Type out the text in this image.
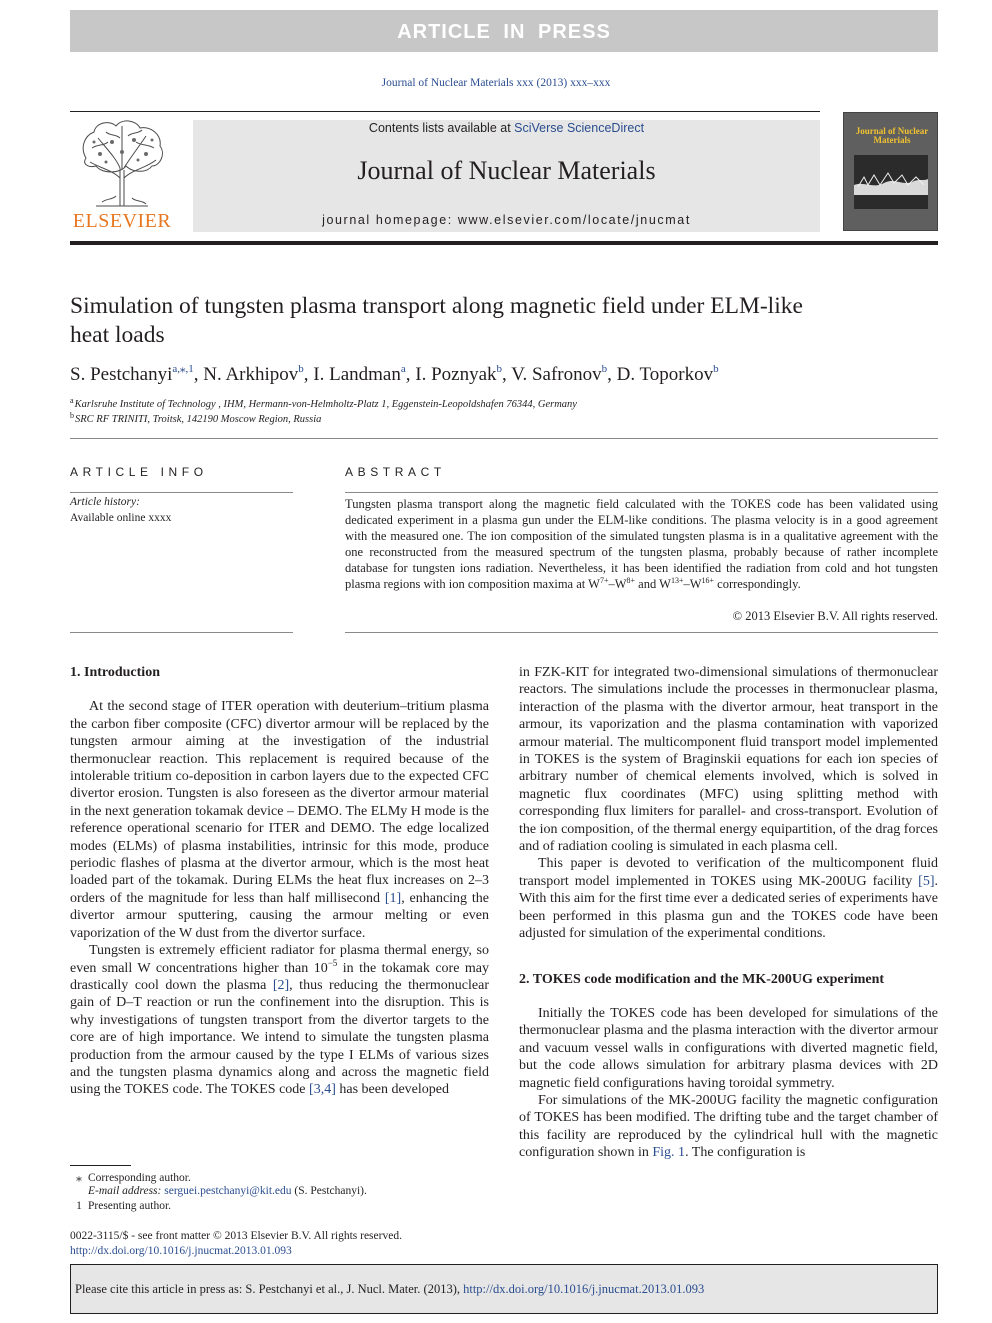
ARTICLE IN PRESS
Journal of Nuclear Materials xxx (2013) xxx–xxx
ELSEVIER
Contents lists available at SciVerse ScienceDirect
Journal of Nuclear Materials
journal homepage: www.elsevier.com/locate/jnucmat
Journal of Nuclear Materials
Simulation of tungsten plasma transport along magnetic field under ELM-like
heat loads
S. Pestchanyi$^{a,⁎,1}$, N. Arkhipov$^b$, I. Landman$^a$, I. Poznyak$^b$, V. Safronov$^b$, D. Toporkov$^b$
$^a$Karlsruhe Institute of Technology , IHM, Hermann-von-Helmholtz-Platz 1, Eggenstein-Leopoldshafen 76344, Germany
$^b$SRC RF TRINITI, Troitsk, 142190 Moscow Region, Russia
ARTICLE INFO
Article history:
Available online xxxx
ABSTRACT
Tungsten plasma transport along the magnetic field calculated with the TOKES code has been validated using dedicated experiment in a plasma gun under the ELM-like conditions. The plasma velocity is in a good agreement with the measured one. The ion composition of the simulated tungsten plasma is in a qualitative agreement with the one reconstructed from the measured spectrum of the tungsten plasma, probably because of rather incomplete database for tungsten ions radiation. Nevertheless, it has been identified the radiation from cold and hot tungsten plasma regions with ion composition maxima at $W^{7+}-W^{8+}$ and $W^{13+}-W^{16+}$ correspondingly.
© 2013 Elsevier B.V. All rights reserved.

1. Introduction

At the second stage of ITER operation with deuterium–tritium plasma the carbon fiber composite (CFC) divertor armour will be replaced by the tungsten armour aiming at the investigation of the industrial thermonuclear reaction. This replacement is required because of the intolerable tritium co-deposition in carbon layers due to the expected CFC divertor erosion. Tungsten is also foreseen as the divertor armour material in the next generation tokamak device – DEMO. The ELMy H mode is the reference operational scenario for ITER and DEMO. The edge localized modes (ELMs) of plasma instabilities, intrinsic for this mode, produce periodic flashes of plasma at the divertor armour, which is the most heat loaded part of the tokamak. During ELMs the heat flux increases on 2–3 orders of the magnitude for less than half millisecond [1], enhancing the divertor armour sputtering, causing the armour melting or even vaporization of the W dust from the divertor surface.

Tungsten is extremely efficient radiator for plasma thermal energy, so even small W concentrations higher than $10^{-5}$ in the tokamak core may drastically cool down the plasma [2], thus reducing the thermonuclear gain of D–T reaction or run the confinement into the disruption. This is why investigations of tungsten transport from the divertor targets to the core are of high importance. We intend to simulate the tungsten plasma production from the armour caused by the type I ELMs of various sizes and the tungsten plasma dynamics along and across the magnetic field using the TOKES code. The TOKES code [3,4] has been developed

in FZK-KIT for integrated two-dimensional simulations of thermonuclear reactors. The simulations include the processes in thermonuclear plasma, interaction of the plasma with the divertor armour, heat transport in the armour, its vaporization and the plasma contamination with vaporized armour material. The multicomponent fluid transport model implemented in TOKES is the system of Braginskii equations for each ion species of arbitrary number of chemical elements involved, which is solved in magnetic flux coordinates (MFC) using splitting method with corresponding flux limiters for parallel- and cross-transport. Evolution of the ion composition, of the thermal energy equipartition, of the drag forces and of radiation cooling is simulated in each plasma cell.

This paper is devoted to verification of the multicomponent fluid transport model implemented in TOKES using MK-200UG facility [5]. With this aim for the first time ever a dedicated series of experiments have been performed in this plasma gun and the TOKES code have been adjusted for simulation of the experimental conditions.

2. TOKES code modification and the MK-200UG experiment

Initially the TOKES code has been developed for simulations of the thermonuclear plasma and the plasma interaction with the divertor armour and vacuum vessel walls in configurations with diverted magnetic field, but the code allows simulation for arbitrary plasma devices with 2D magnetic field configurations having toroidal symmetry.

For simulations of the MK-200UG facility the magnetic configuration of TOKES has been modified. The drifting tube and the target chamber of this facility are reproduced by the cylindrical hull with the magnetic configuration shown in Fig. 1. The configuration is

⁎ Corresponding author.
E-mail address: serguei.pestchanyi@kit.edu (S. Pestchanyi).
1 Presenting author.
0022-3115/$ - see front matter © 2013 Elsevier B.V. All rights reserved.
http://dx.doi.org/10.1016/j.jnucmat.2013.01.093
Please cite this article in press as: S. Pestchanyi et al., J. Nucl. Mater. (2013), http://dx.doi.org/10.1016/j.jnucmat.2013.01.093
